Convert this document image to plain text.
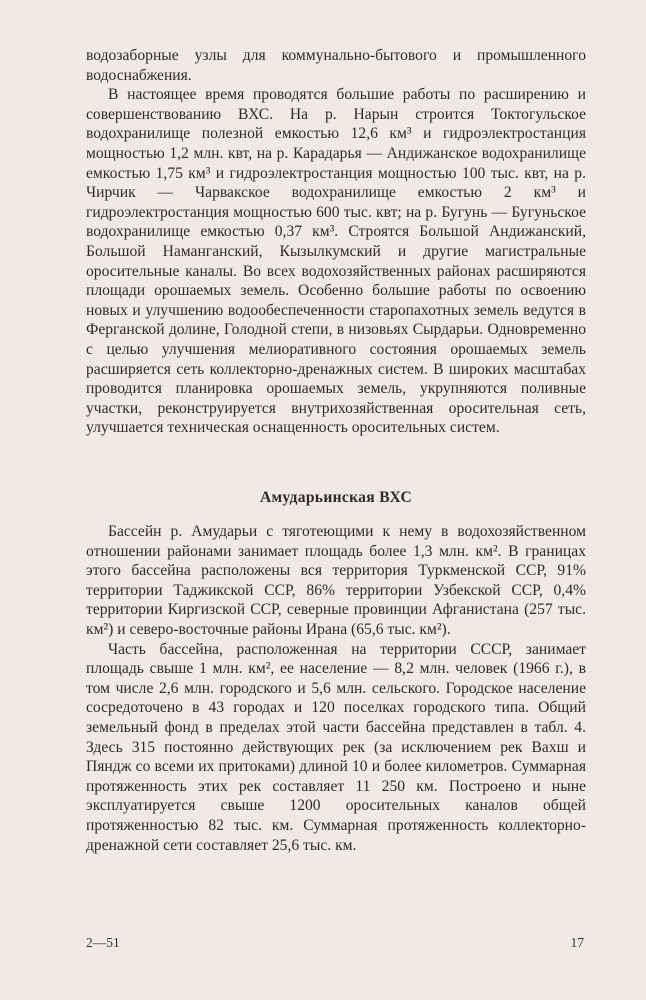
водозаборные узлы для коммунально-бытового и промышленного водоснабжения.

В настоящее время проводятся большие работы по расширению и совершенствованию ВХС. На р. Нарын строится Токтогульское водохранилище полезной емкостью 12,6 км³ и гидроэлектростанция мощностью 1,2 млн. квт, на р. Карадарья — Андижанское водохранилище емкостью 1,75 км³ и гидроэлектростанция мощностью 100 тыс. квт, на р. Чирчик — Чарвакское водохранилище емкостью 2 км³ и гидроэлектростанция мощностью 600 тыс. квт; на р. Бугунь — Бугуньское водохранилище емкостью 0,37 км³. Строятся Большой Андижанский, Большой Наманганский, Кызылкумский и другие магистральные оросительные каналы. Во всех водохозяйственных районах расширяются площади орошаемых земель. Особенно большие работы по освоению новых и улучшению водообеспеченности старопахотных земель ведутся в Ферганской долине, Голодной степи, в низовьях Сырдарьи. Одновременно с целью улучшения мелиоративного состояния орошаемых земель расширяется сеть коллекторно-дренажных систем. В широких масштабах проводится планировка орошаемых земель, укрупняются поливные участки, реконструируется внутрихозяйственная оросительная сеть, улучшается техническая оснащенность оросительных систем.

Амударьинская ВХС

Бассейн р. Амударьи с тяготеющими к нему в водохозяйственном отношении районами занимает площадь более 1,3 млн. км². В границах этого бассейна расположены вся территория Туркменской ССР, 91% территории Таджикской ССР, 86% территории Узбекской ССР, 0,4% территории Киргизской ССР, северные провинции Афганистана (257 тыс. км²) и северо-восточные районы Ирана (65,6 тыс. км²).

Часть бассейна, расположенная на территории СССР, занимает площадь свыше 1 млн. км², ее население — 8,2 млн. человек (1966 г.), в том числе 2,6 млн. городского и 5,6 млн. сельского. Городское население сосредоточено в 43 городах и 120 поселках городского типа. Общий земельный фонд в пределах этой части бассейна представлен в табл. 4. Здесь 315 постоянно действующих рек (за исключением рек Вахш и Пяндж со всеми их притоками) длиной 10 и более километров. Суммарная протяженность этих рек составляет 11 250 км. Построено и ныне эксплуатируется свыше 1200 оросительных каналов общей протяженностью 82 тыс. км. Суммарная протяженность коллекторно-дренажной сети составляет 25,6 тыс. км.

2—51	17
